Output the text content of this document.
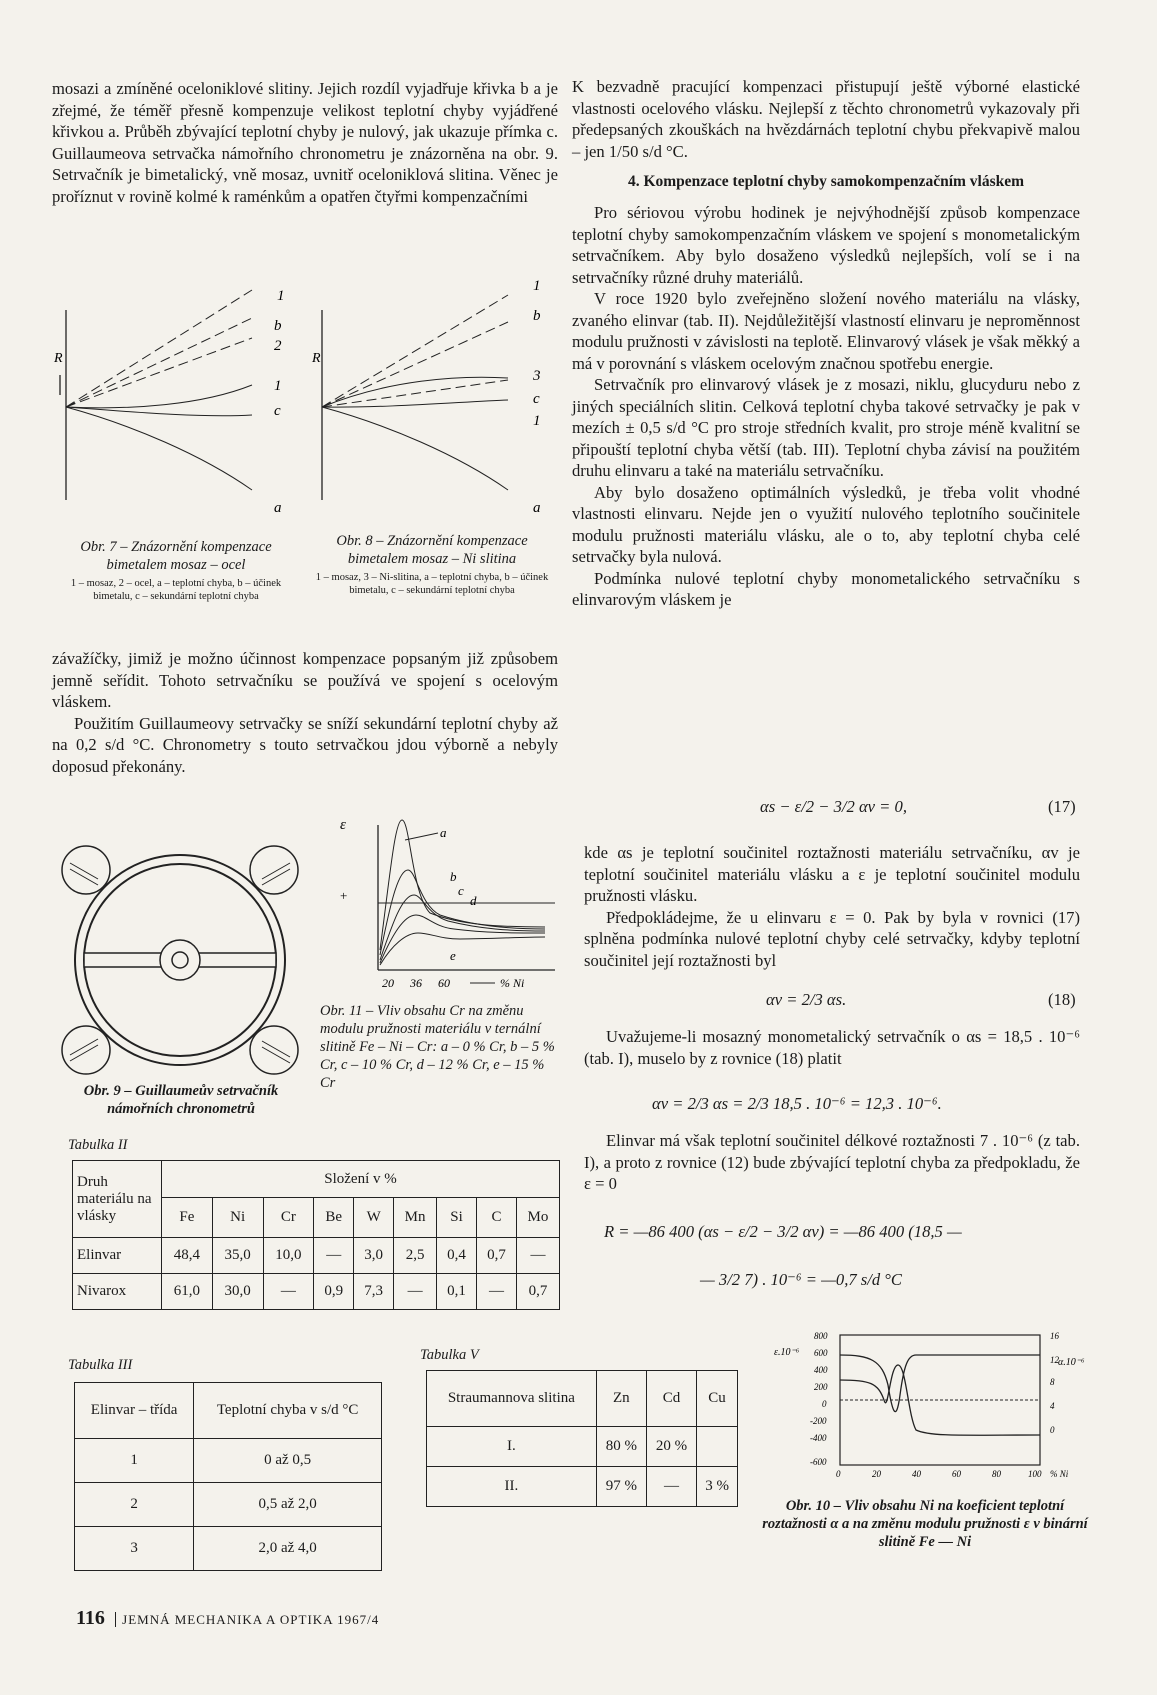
mosazi a zmíněné oceloniklové slitiny. Jejich rozdíl vyjadřuje křivka b a je zřejmé, že téměř přesně kompenzuje velikost teplotní chyby vyjádřené křivkou a. Průběh zbývající teplotní chyby je nulový, jak ukazuje přímka c. Guillaumeova setrvačka námořního chronometru je znázorněna na obr. 9. Setrvačník je bimetalický, vně mosaz, uvnitř oceloniklová slitina. Věnec je proříznut v rovině kolmé k raménkům a opatřen čtyřmi kompenzačními

R
1
b
2
1
c
a
R
1
b
3
c
1
a
Obr. 7 – Znázornění kompenzace bimetalem mosaz – ocel
1 – mosaz, 2 – ocel, a – teplotní chyba, b – účinek bimetalu, c – sekundární teplotní chyba
Obr. 8 – Znázornění kompenzace bimetalem mosaz – Ni slitina
1 – mosaz, 3 – Ni-slitina, a – teplotní chyba, b – účinek bimetalu, c – sekundární teplotní chyba

závažíčky, jimiž je možno účinnost kompenzace popsaným již způsobem jemně seřídit. Tohoto setrvačníku se používá ve spojení s ocelovým vláskem.

Použitím Guillaumeovy setrvačky se sníží sekundární teplotní chyby až na 0,2 s/d °C. Chronometry s touto setrvačkou jdou výborně a nebyly doposud překonány.

Obr. 9 – Guillaumeův setrvačník námořních chronometrů
ε
+
a
b
c
d
e
20 36 60	% Ni
Obr. 11 – Vliv obsahu Cr na změnu modulu pružnosti materiálu v ternální slitině Fe – Ni – Cr: a – 0 % Cr, b – 5 % Cr, c – 10 % Cr, d – 12 % Cr, e – 15 % Cr
Tabulka II
Druh materiálu na vlásky	Složení v %								
	Fe	Ni	Cr	Be	W	Mn	Si	C	Mo
Elinvar	48,4	35,0	10,0	—	3,0	2,5	0,4	0,7	—
Nivarox	61,0	30,0	—	0,9	7,3	—	0,1	—	0,7
Tabulka III
Elinvar – třída	Teplotní chyba v s/d °C
1	0 až 0,5
2	0,5 až 2,0
3	2,0 až 4,0
Tabulka V
Straumannova slitina	Zn	Cd	Cu
I.	80 %	20 %	
II.	97 %	—	3 %

K bezvadně pracující kompenzaci přistupují ještě výborné elastické vlastnosti ocelového vlásku. Nejlepší z těchto chronometrů vykazovaly při předepsaných zkouškách na hvězdárnách teplotní chybu překvapivě malou – jen 1/50 s/d °C.

4. Kompenzace teplotní chyby samokompenzačním vláskem

Pro sériovou výrobu hodinek je nejvýhodnější způsob kompenzace teplotní chyby samokompenzačním vláskem ve spojení s monometalickým setrvačníkem. Aby bylo dosaženo výsledků nejlepších, volí se i na setrvačníky různé druhy materiálů.

V roce 1920 bylo zveřejněno složení nového materiálu na vlásky, zvaného elinvar (tab. II). Nejdůležitější vlastností elinvaru je neproměnnost modulu pružnosti v závislosti na teplotě. Elinvarový vlásek je však měkký a má v porovnání s vláskem ocelovým značnou spotřebu energie.

Setrvačník pro elinvarový vlásek je z mosazi, niklu, glucyduru nebo z jiných speciálních slitin. Celková teplotní chyba takové setrvačky je pak v mezích ± 0,5 s/d °C pro stroje středních kvalit, pro stroje méně kvalitní se připouští teplotní chyba větší (tab. III). Teplotní chyba závisí na použitém druhu elinvaru a také na materiálu setrvačníku.

Aby bylo dosaženo optimálních výsledků, je třeba volit vhodné vlastnosti elinvaru. Nejde jen o využití nulového teplotního součinitele modulu pružnosti materiálu vlásku, ale o to, aby teplotní chyba celé setrvačky byla nulová.

Podmínka nulové teplotní chyby monometalického setrvačníku s elinvarovým vláskem je

αs − ε/2 − 3/2 αv = 0,	(17)

kde αs je teplotní součinitel roztažnosti materiálu setrvačníku, αv je teplotní součinitel materiálu vlásku a ε je teplotní součinitel modulu pružnosti vlásku.

Předpokládejme, že u elinvaru ε = 0. Pak by byla v rovnici (17) splněna podmínka nulové teplotní chyby celé setrvačky, kdyby teplotní součinitel její roztažnosti byl

αv = 2/3 αs.	(18)

Uvažujeme-li mosazný monometalický setrvačník o αs = 18,5 . 10⁻⁶ (tab. I), muselo by z rovnice (18) platit

αv = 2/3 αs = 2/3 18,5 . 10⁻⁶ = 12,3 . 10⁻⁶.

Elinvar má však teplotní součinitel délkové roztažnosti 7 . 10⁻⁶ (z tab. I), a proto z rovnice (12) bude zbývající teplotní chyba za předpokladu, že ε = 0

R = —86 400 (αs − ε/2 − 3/2 αv) = —86 400 (18,5 —
— 3/2 7) . 10⁻⁶ = —0,7 s/d °C
ε.10⁻⁶
800
600
400
200
0
-200
-400
-600
16
12
8
4
0
α.10⁻⁶
0	20	40	60	80	100 % Ni
Obr. 10 – Vliv obsahu Ni na koeficient teplotní roztažnosti α a na změnu modulu pružnosti ε v binární slitině Fe — Ni
116 JEMNÁ MECHANIKA A OPTIKA 1967/4
